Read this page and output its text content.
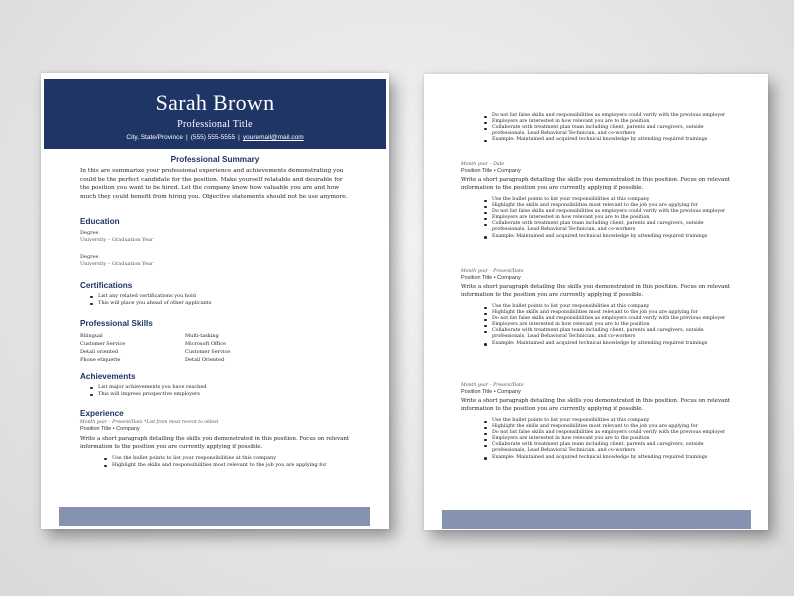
Sarah Brown
Professional Title
City, State/Province | (555) 555-5555 | youremail@mail.com
Professional Summary
In this are summarize your professional experience and achievements demonstrating you could be the perfect candidate for the position. Make yourself relatable and desirable for the position you want to be hired. Let the company know how valuable you are and how much they could benefit from hiring you. Objective statements should not be use anymore.
Education
Degree
University – Graduation Year
Degree
University – Graduation Year
Certifications
List any related certifications you hold
This will place you ahead of other applicants
Professional Skills
Bilingual	Multi-tasking
Customer Service	Microsoft Office
Detail oriented	Customer Service
Phone etiquette	Detail Oriented
Achievements
List major achievements you have reached
This will impress prospective employers
Experience
Month year – Present/Date *List from most recent to oldest
Position Title • Company
Write a short paragraph detailing the skills you demonstrated in this position. Focus on relevant information to the position you are currently applying if possible.
Use the bullet points to list your responsibilities at this company
Highlight the skills and responsibilities most relevant to the job you are applying for
Do not list false skills and responsibilities as employers could verify with the previous employer
Employers are interested in how relevant you are to the position
Collaborate with treatment plan team including client, parents and caregivers, outside professionals, Lead Behavioral Technician, and co-workers
Example: Maintained and acquired technical knowledge by attending required trainings
Month year – Date
Position Title • Company
Write a short paragraph detailing the skills you demonstrated in this position. Focus on relevant information to the position you are currently applying if possible.
Use the bullet points to list your responsibilities at this company
Highlight the skills and responsibilities most relevant to the job you are applying for
Do not list false skills and responsibilities as employers could verify with the previous employer
Employers are interested in how relevant you are to the position
Collaborate with treatment plan team including client, parents and caregivers, outside professionals, Lead Behavioral Technician, and co-workers
Example: Maintained and acquired technical knowledge by attending required trainings
Month year – Present/Date
Position Title • Company
Write a short paragraph detailing the skills you demonstrated in this position. Focus on relevant information to the position you are currently applying if possible.
Use the bullet points to list your responsibilities at this company
Highlight the skills and responsibilities most relevant to the job you are applying for
Do not list false skills and responsibilities as employers could verify with the previous employer
Employers are interested in how relevant you are to the position
Collaborate with treatment plan team including client, parents and caregivers, outside professionals, Lead Behavioral Technician, and co-workers
Example: Maintained and acquired technical knowledge by attending required trainings
Month year – Present/Date
Position Title • Company
Write a short paragraph detailing the skills you demonstrated in this position. Focus on relevant information to the position you are currently applying if possible.
Use the bullet points to list your responsibilities at this company
Highlight the skills and responsibilities most relevant to the job you are applying for
Do not list false skills and responsibilities as employers could verify with the previous employer
Employers are interested in how relevant you are to the position
Collaborate with treatment plan team including client, parents and caregivers, outside professionals, Lead Behavioral Technician, and co-workers
Example: Maintained and acquired technical knowledge by attending required trainings
